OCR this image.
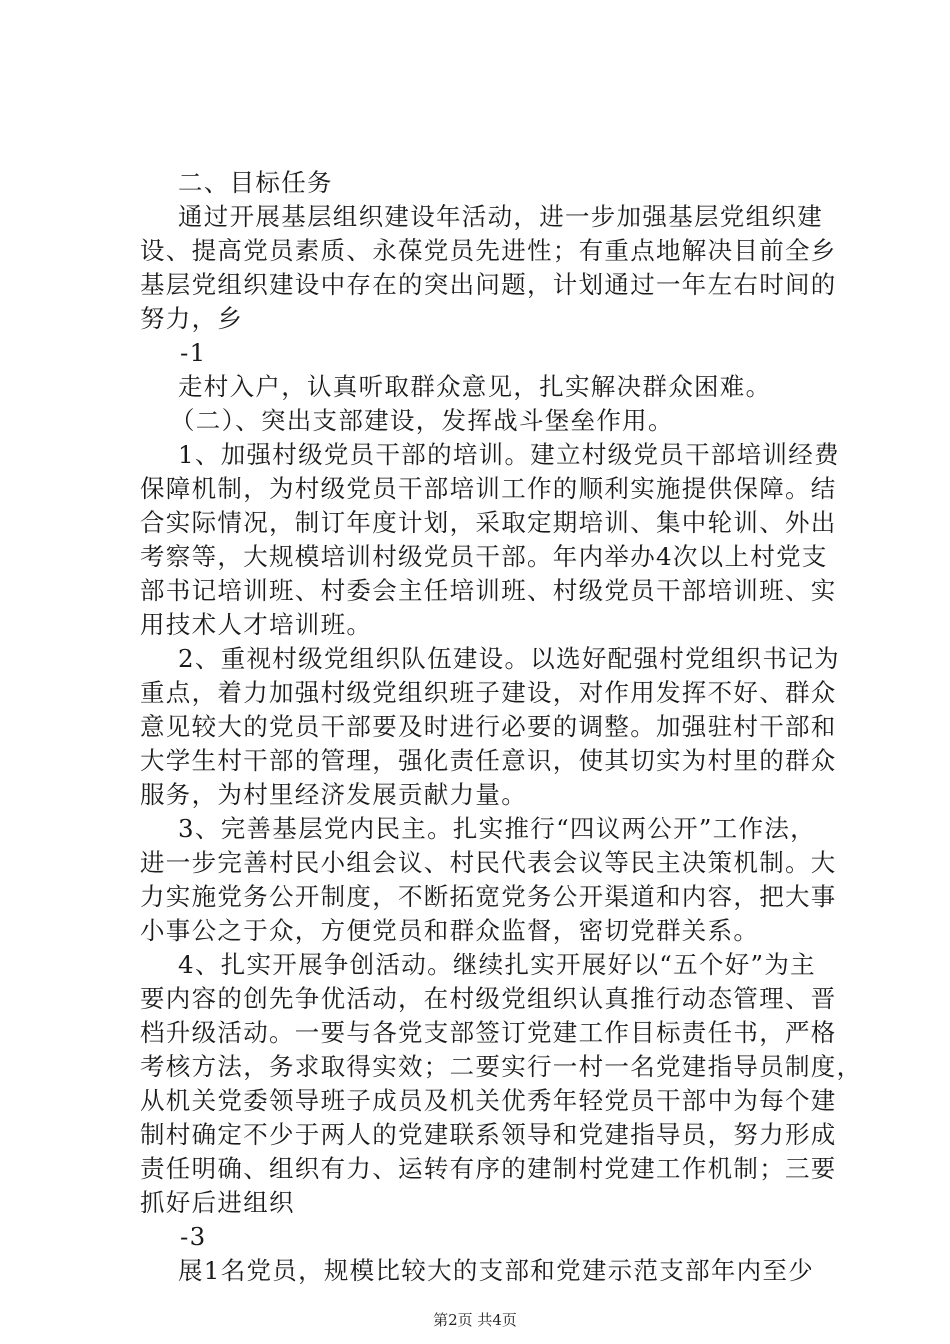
二、目标任务
通过开展基层组织建设年活动，进一步加强基层党组织建
设、提高党员素质、永葆党员先进性；有重点地解决目前全乡
基层党组织建设中存在的突出问题，计划通过一年左右时间的
努力，乡
-1
走村入户，认真听取群众意见，扎实解决群众困难。
（二）、突出支部建设，发挥战斗堡垒作用。
1、加强村级党员干部的培训。建立村级党员干部培训经费
保障机制，为村级党员干部培训工作的顺利实施提供保障。结
合实际情况，制订年度计划，采取定期培训、集中轮训、外出
考察等，大规模培训村级党员干部。年内举办4次以上村党支
部书记培训班、村委会主任培训班、村级党员干部培训班、实
用技术人才培训班。
2、重视村级党组织队伍建设。以选好配强村党组织书记为
重点，着力加强村级党组织班子建设，对作用发挥不好、群众
意见较大的党员干部要及时进行必要的调整。加强驻村干部和
大学生村干部的管理，强化责任意识，使其切实为村里的群众
服务，为村里经济发展贡献力量。
3、完善基层党内民主。扎实推行“四议两公开”工作法，
进一步完善村民小组会议、村民代表会议等民主决策机制。大
力实施党务公开制度，不断拓宽党务公开渠道和内容，把大事
小事公之于众，方便党员和群众监督，密切党群关系。
4、扎实开展争创活动。继续扎实开展好以“五个好”为主
要内容的创先争优活动，在村级党组织认真推行动态管理、晋
档升级活动。一要与各党支部签订党建工作目标责任书，严格
考核方法，务求取得实效；二要实行一村一名党建指导员制度，
从机关党委领导班子成员及机关优秀年轻党员干部中为每个建
制村确定不少于两人的党建联系领导和党建指导员，努力形成
责任明确、组织有力、运转有序的建制村党建工作机制；三要
抓好后进组织
-3
展1名党员，规模比较大的支部和党建示范支部年内至少
第2页 共4页
